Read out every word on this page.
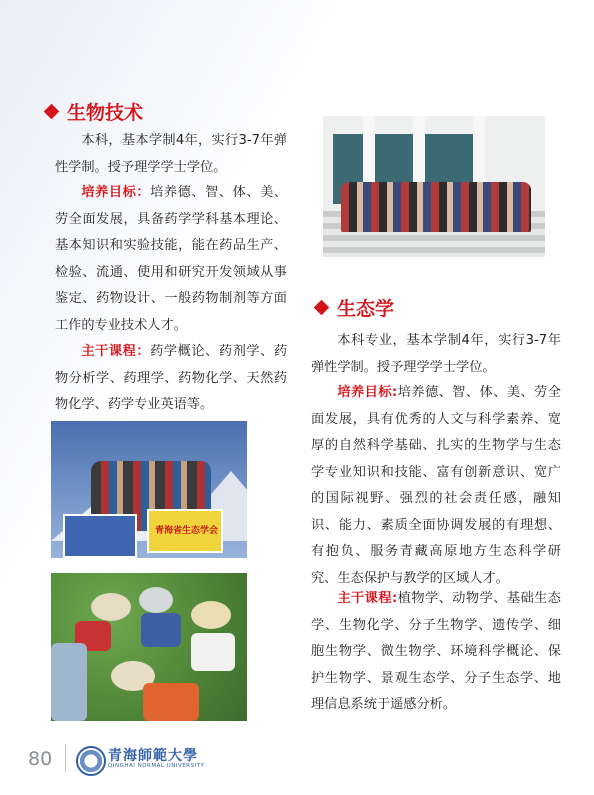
生物技术
本科，基本学制4年，实行3-7年弹性学制。授予理学学士学位。
培养目标：培养德、智、体、美、劳全面发展，具备药学学科基本理论、基本知识和实验技能，能在药品生产、检验、流通、使用和研究开发领域从事鉴定、药物设计、一般药物制剂等方面工作的专业技术人才。
主干课程：药学概论、药剂学、药物分析学、药理学、药物化学、天然药物化学、药学专业英语等。
生态学
本科专业，基本学制4年，实行3-7年弹性学制。授予理学学士学位。
培养目标:培养德、智、体、美、劳全面发展，具有优秀的人文与科学素养、宽厚的自然科学基础、扎实的生物学与生态学专业知识和技能、富有创新意识、宽广的国际视野、强烈的社会责任感，融知识、能力、素质全面协调发展的有理想、有抱负、服务青藏高原地方生态科学研究、生态保护与教学的区域人才。
主干课程:植物学、动物学、基础生态学、生物化学、分子生物学、遗传学、细胞生物学、微生物学、环境科学概论、保护生物学、景观生态学、分子生态学、地理信息系统于遥感分析。
青海省生态学会
80	青海師範大學
QINGHAI NORMAL UNIVERSITY
